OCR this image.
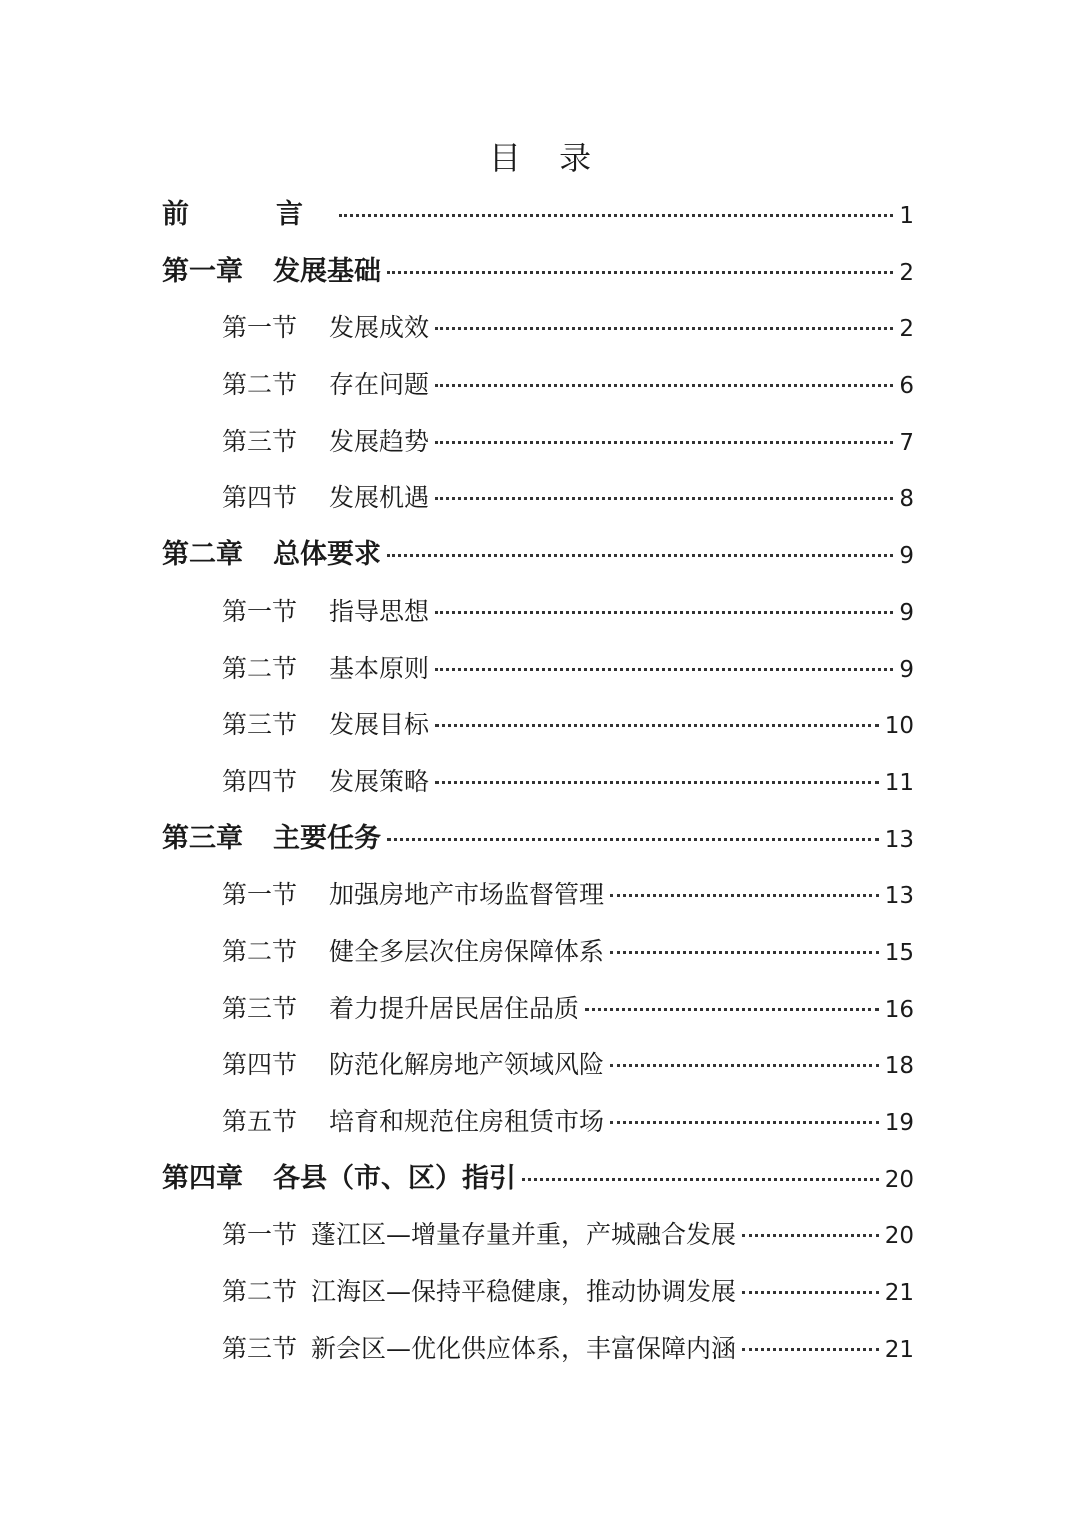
目 录
前　言	1
第一章 发展基础	2
第一节 发展成效	2
第二节 存在问题	6
第三节 发展趋势	7
第四节 发展机遇	8
第二章 总体要求	9
第一节 指导思想	9
第二节 基本原则	9
第三节 发展目标	10
第四节 发展策略	11
第三章 主要任务	13
第一节 加强房地产市场监督管理	13
第二节 健全多层次住房保障体系	15
第三节 着力提升居民居住品质	16
第四节 防范化解房地产领域风险	18
第五节 培育和规范住房租赁市场	19
第四章 各县（市、区）指引	20
第一节 蓬江区—增量存量并重，产城融合发展	20
第二节 江海区—保持平稳健康，推动协调发展	21
第三节 新会区—优化供应体系，丰富保障内涵	21
